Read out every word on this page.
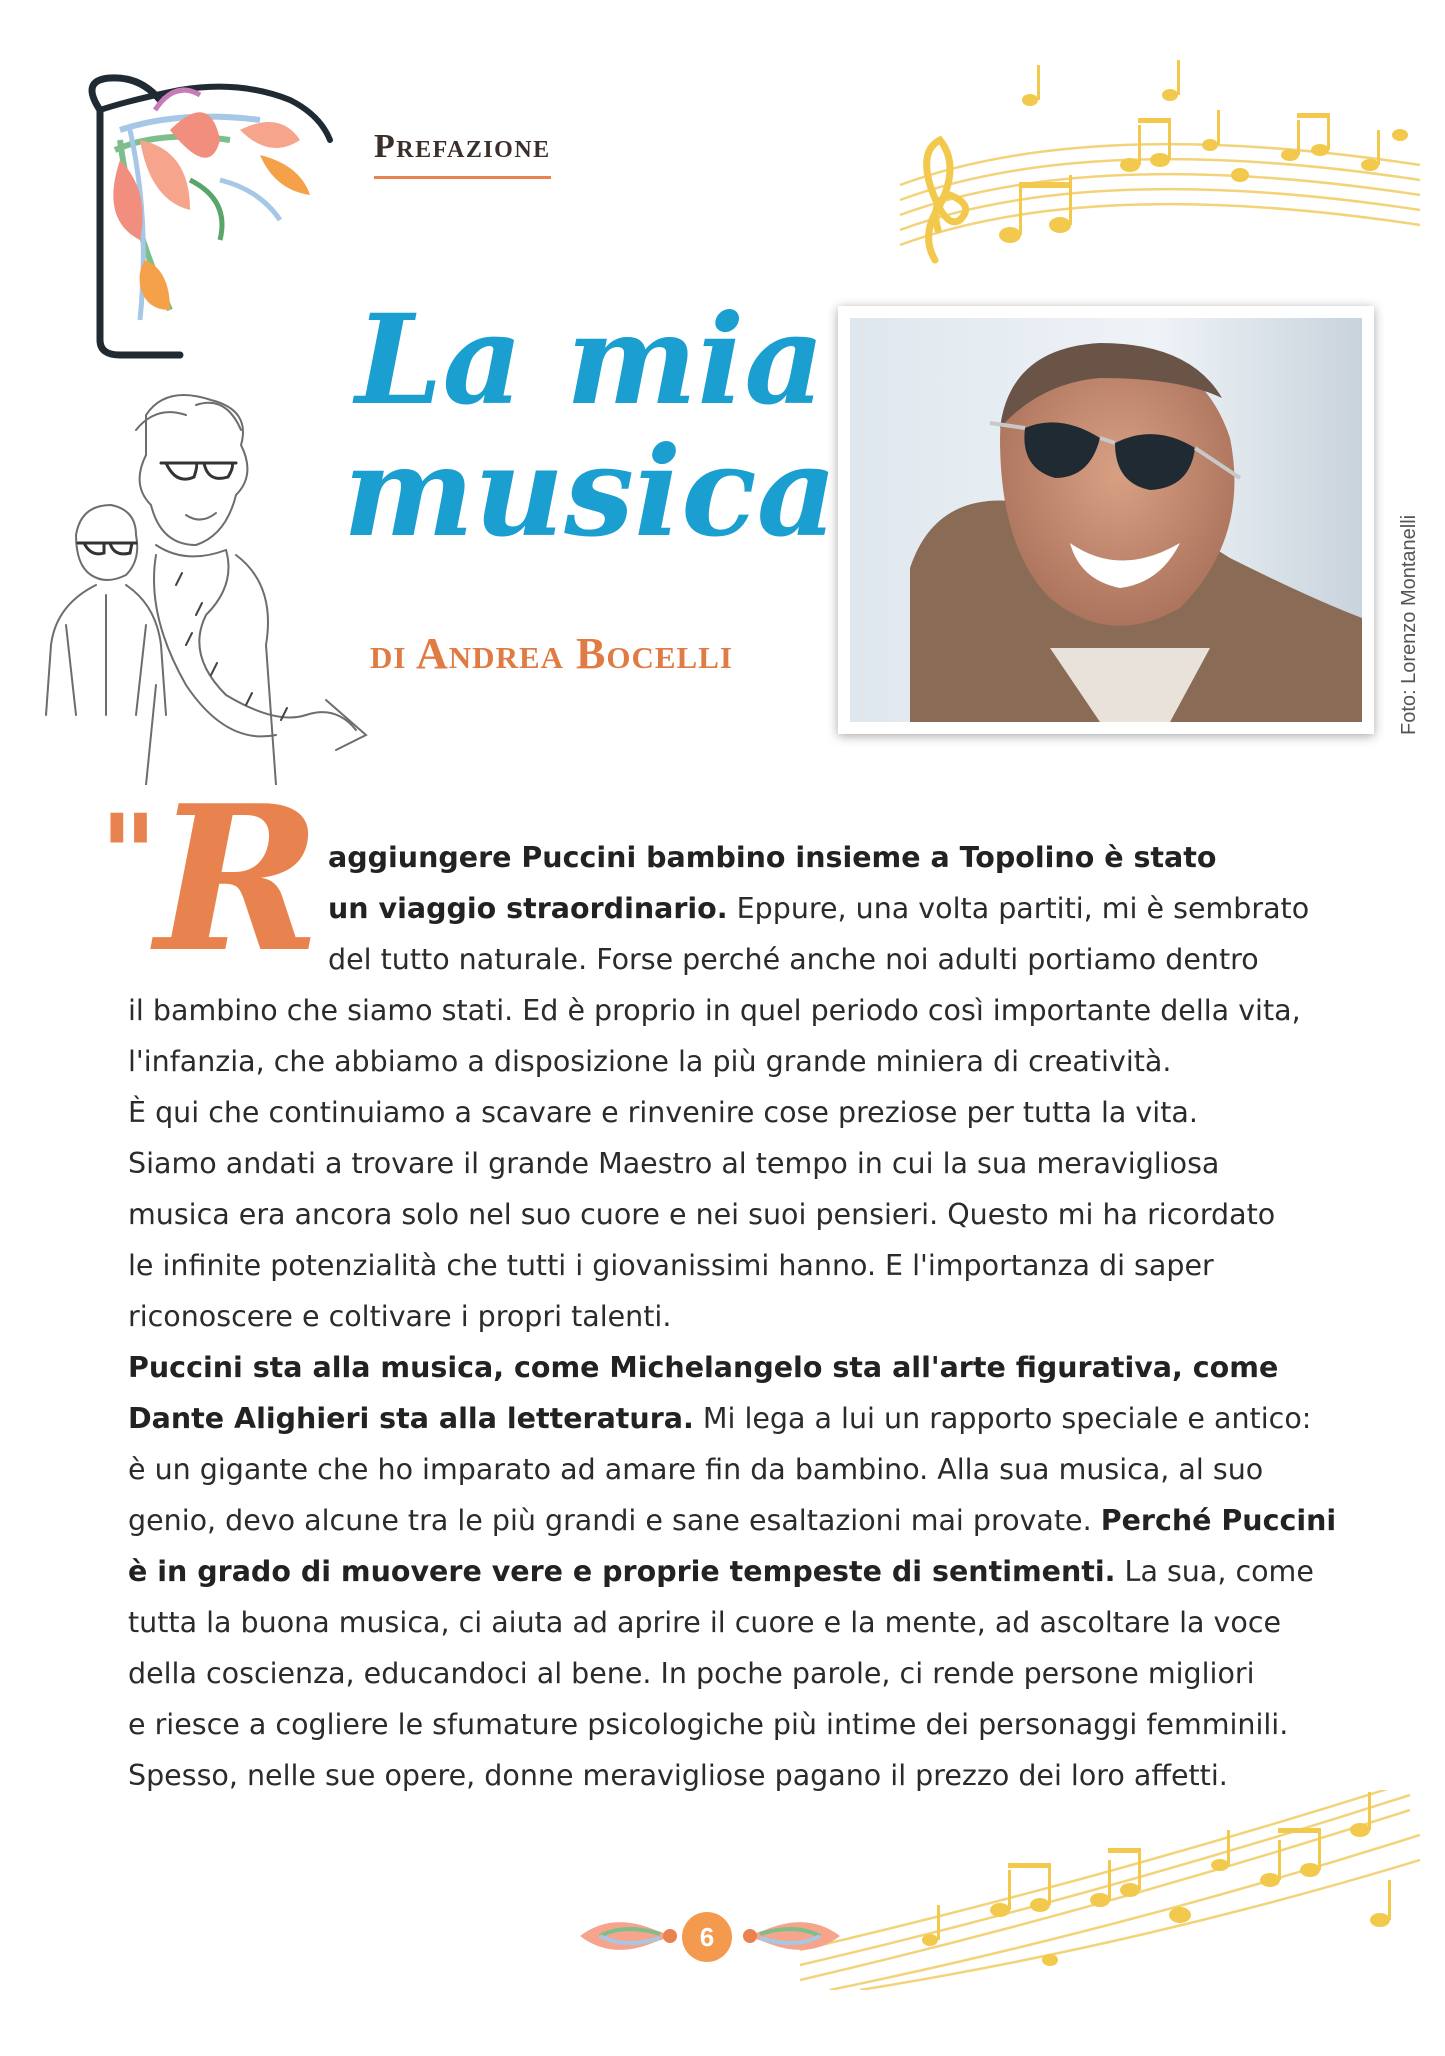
Prefazione
La mia
musica
di Andrea Bocelli	Foto: Lorenzo Montanelli
"
R aggiungere Puccini bambino insieme a Topolino è stato
un viaggio straordinario. Eppure, una volta partiti, mi è sembrato
del tutto naturale. Forse perché anche noi adulti portiamo dentro
il bambino che siamo stati. Ed è proprio in quel periodo così importante della vita,
l'infanzia, che abbiamo a disposizione la più grande miniera di creatività.
È qui che continuiamo a scavare e rinvenire cose preziose per tutta la vita.
Siamo andati a trovare il grande Maestro al tempo in cui la sua meravigliosa
musica era ancora solo nel suo cuore e nei suoi pensieri. Questo mi ha ricordato
le infinite potenzialità che tutti i giovanissimi hanno. E l'importanza di saper
riconoscere e coltivare i propri talenti.
Puccini sta alla musica, come Michelangelo sta all'arte figurativa, come
Dante Alighieri sta alla letteratura. Mi lega a lui un rapporto speciale e antico:
è un gigante che ho imparato ad amare fin da bambino. Alla sua musica, al suo
genio, devo alcune tra le più grandi e sane esaltazioni mai provate. Perché Puccini
è in grado di muovere vere e proprie tempeste di sentimenti. La sua, come
tutta la buona musica, ci aiuta ad aprire il cuore e la mente, ad ascoltare la voce
della coscienza, educandoci al bene. In poche parole, ci rende persone migliori
e riesce a cogliere le sfumature psicologiche più intime dei personaggi femminili.
Spesso, nelle sue opere, donne meravigliose pagano il prezzo dei loro affetti.
6
